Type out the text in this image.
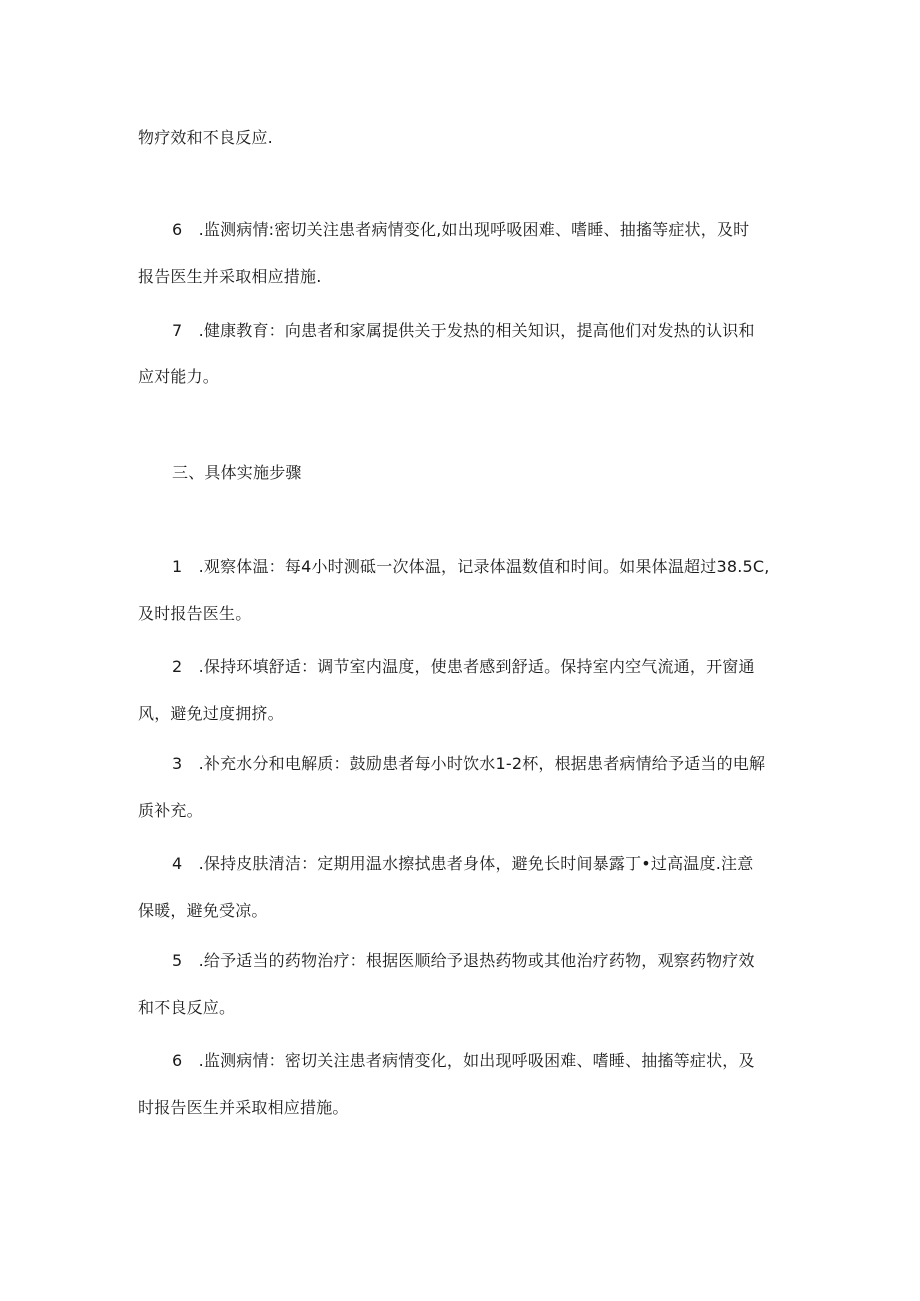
物疗效和不良反应.
6　.监测病情:密切关注患者病情变化,如出现呼吸困难、嗜睡、抽搐等症状，及时
报告医生并采取相应措施.
7　.健康教育：向患者和家属提供关于发热的相关知识，提高他们对发热的认识和
应对能力。
三、具体实施步骤
1　.观察体温：每4小时测砥一次体温，记录体温数值和时间。如果体温超过38.5C,
及时报告医生。
2　.保持环填舒适：调节室内温度，使患者感到舒适。保持室内空气流通，开窗通
风，避免过度拥挤。
3　.补充水分和电解质：鼓励患者每小时饮水1-2杯，根据患者病情给予适当的电解
质补充。
4　.保持皮肤清洁：定期用温水擦拭患者身体，避免长时间暴露丁•过高温度.注意
保暖，避免受凉。
5　.给予适当的药物治疗：根据医顺给予退热药物或其他治疗药物，观察药物疗效
和不良反应。
6　.监测病情：密切关注患者病情变化，如出现呼吸困难、嗜睡、抽搐等症状，及
时报告医生并采取相应措施。
